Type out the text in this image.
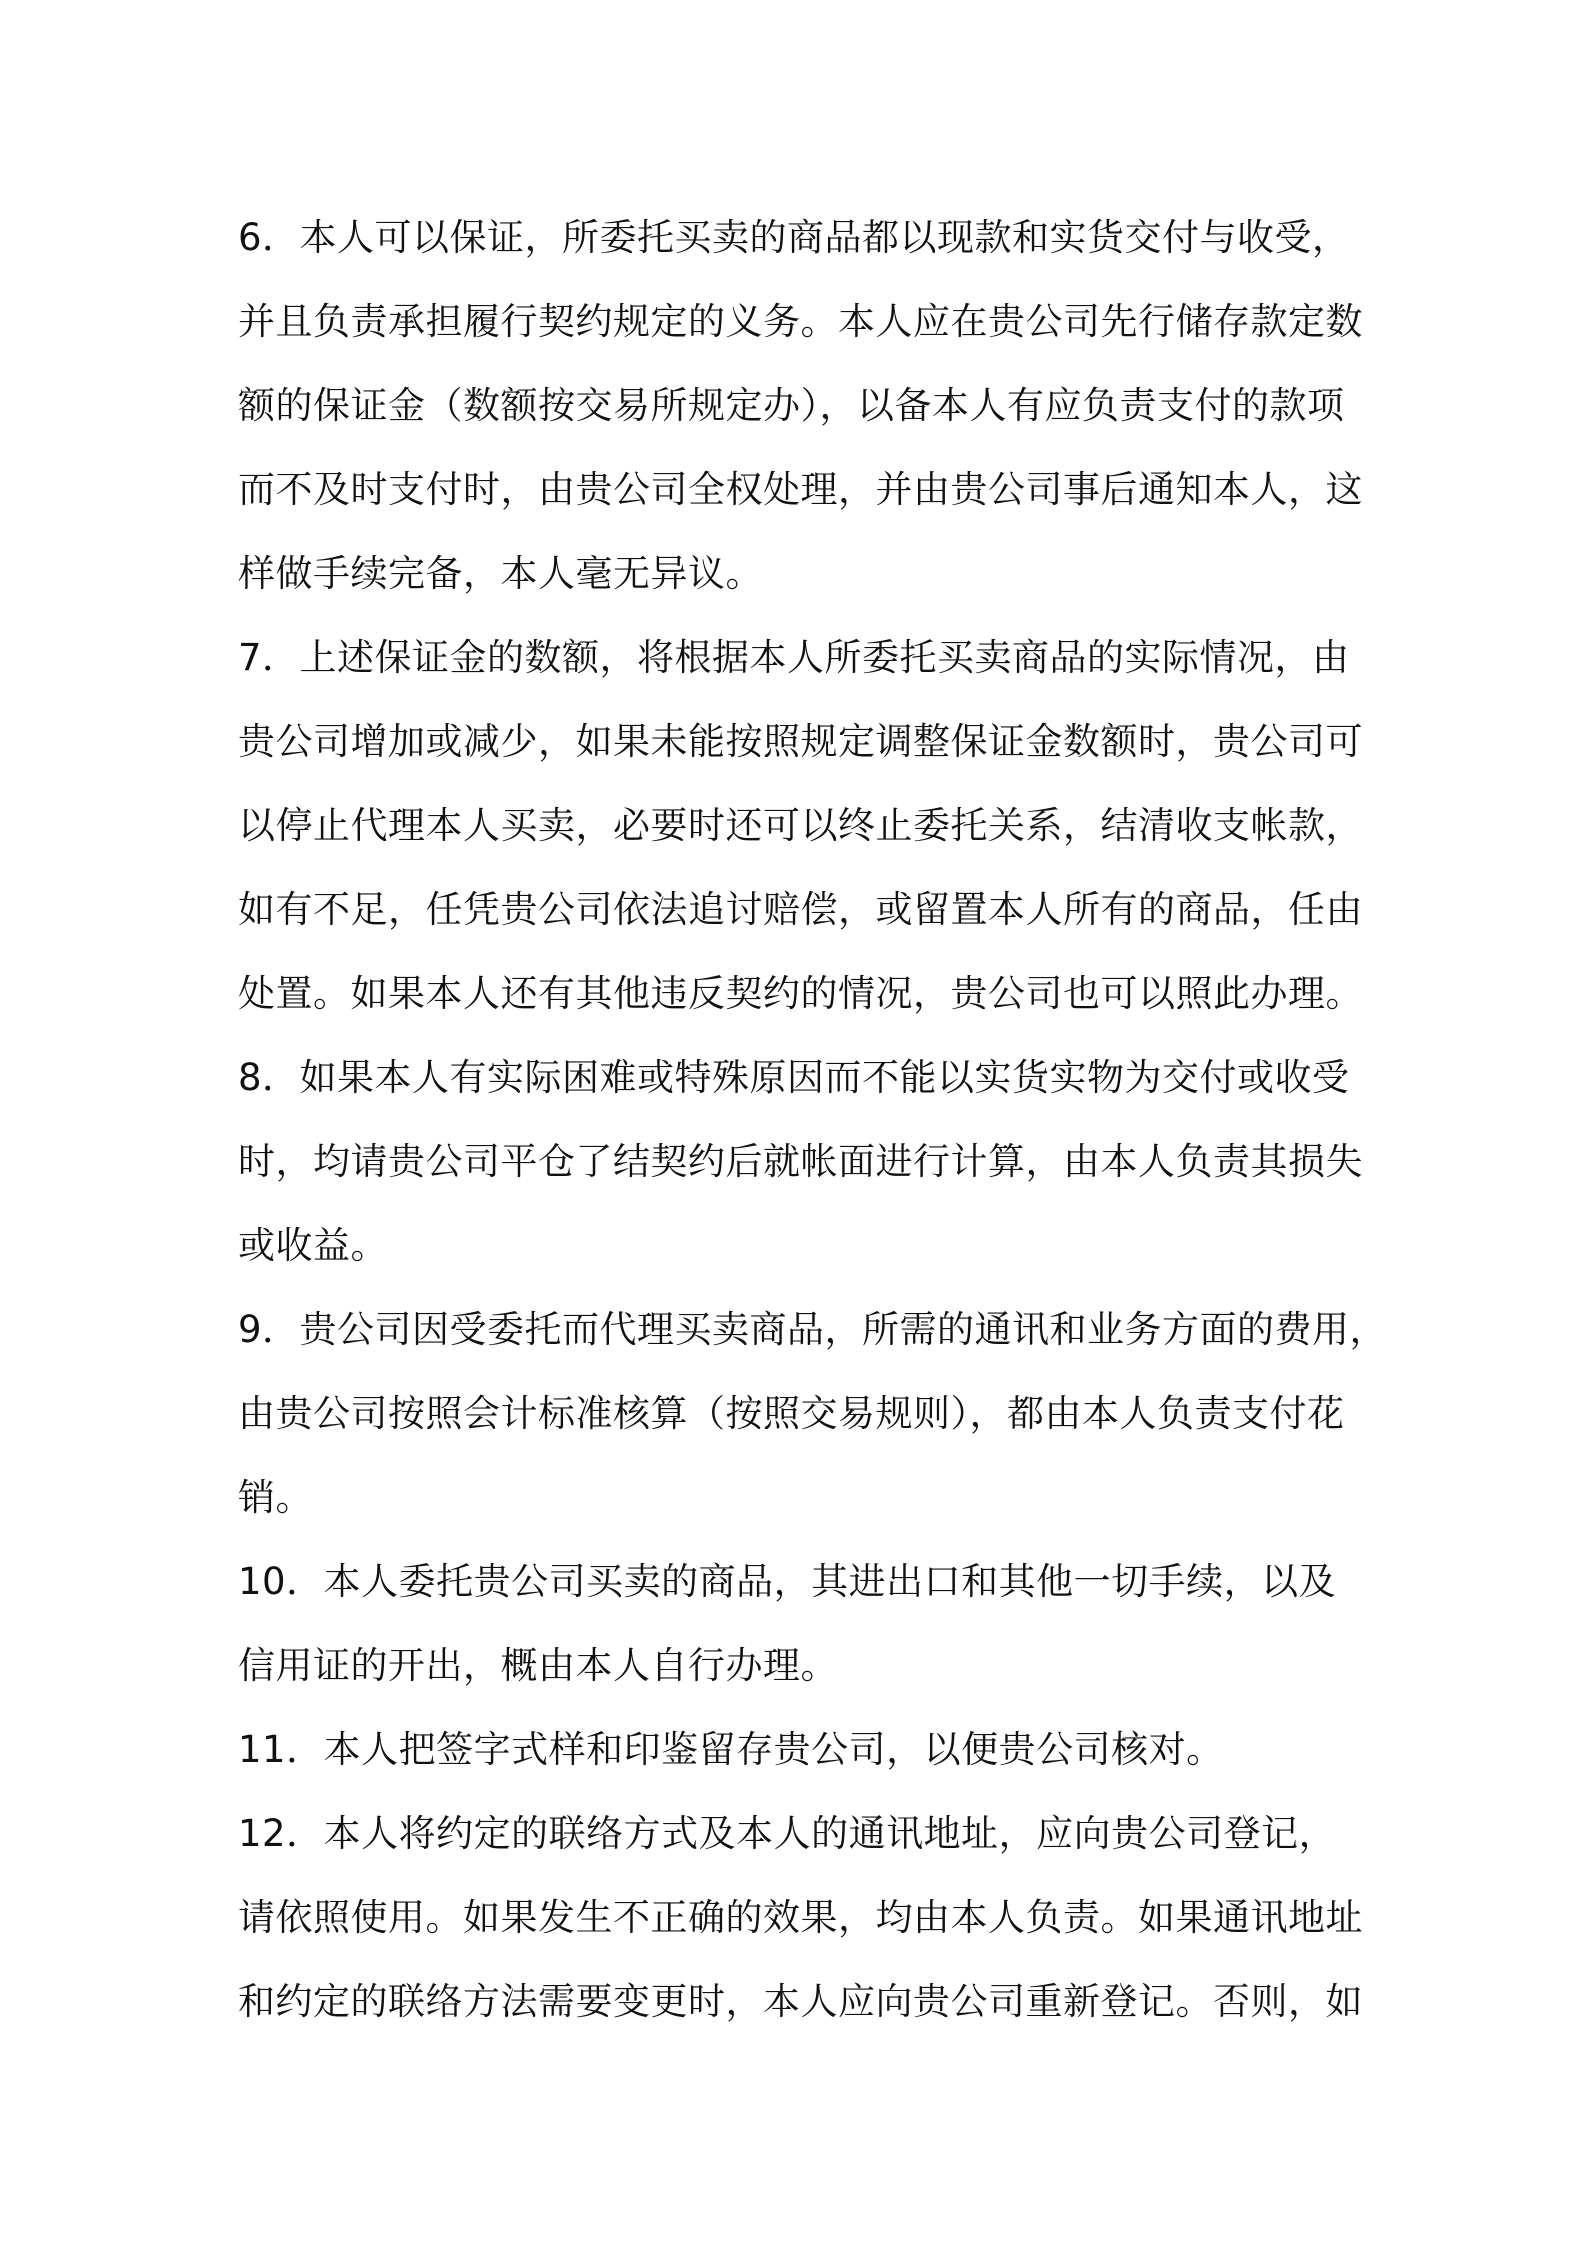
6．本人可以保证，所委托买卖的商品都以现款和实货交付与收受，
并且负责承担履行契约规定的义务。本人应在贵公司先行储存款定数
额的保证金（数额按交易所规定办），以备本人有应负责支付的款项
而不及时支付时，由贵公司全权处理，并由贵公司事后通知本人，这
样做手续完备，本人毫无异议。
7．上述保证金的数额，将根据本人所委托买卖商品的实际情况，由
贵公司增加或减少，如果未能按照规定调整保证金数额时，贵公司可
以停止代理本人买卖，必要时还可以终止委托关系，结清收支帐款，
如有不足，任凭贵公司依法追讨赔偿，或留置本人所有的商品，任由
处置。如果本人还有其他违反契约的情况，贵公司也可以照此办理。
8．如果本人有实际困难或特殊原因而不能以实货实物为交付或收受
时，均请贵公司平仓了结契约后就帐面进行计算，由本人负责其损失
或收益。
9．贵公司因受委托而代理买卖商品，所需的通讯和业务方面的费用，
由贵公司按照会计标准核算（按照交易规则），都由本人负责支付花
销。
10．本人委托贵公司买卖的商品，其进出口和其他一切手续，以及
信用证的开出，概由本人自行办理。
11．本人把签字式样和印鉴留存贵公司，以便贵公司核对。
12．本人将约定的联络方式及本人的通讯地址，应向贵公司登记，
请依照使用。如果发生不正确的效果，均由本人负责。如果通讯地址
和约定的联络方法需要变更时，本人应向贵公司重新登记。否则，如
